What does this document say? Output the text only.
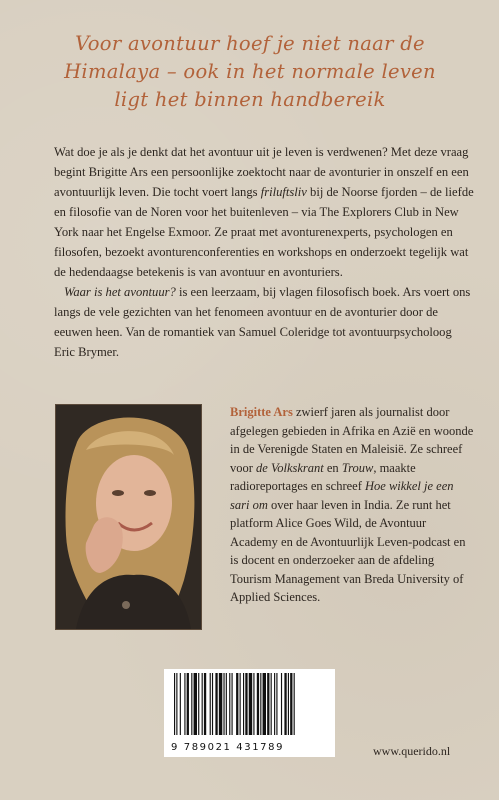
Voor avontuur hoef je niet naar de
Himalaya – ook in het normale leven
ligt het binnen handbereik

Wat doe je als je denkt dat het avontuur uit je leven is verdwenen? Met deze vraag begint Brigitte Ars een persoonlijke zoektocht naar de avonturier in onszelf en een avontuurlijk leven. Die tocht voert langs friluftsliv bij de Noorse fjorden – de liefde en filosofie van de Noren voor het buitenleven – via The Explorers Club in New York naar het Engelse Exmoor. Ze praat met avonturenexperts, psychologen en filosofen, bezoekt avonturenconferenties en workshops en onderzoekt tegelijk wat de hedendaagse betekenis is van avontuur en avonturiers.

Waar is het avontuur? is een leerzaam, bij vlagen filosofisch boek. Ars voert ons langs de vele gezichten van het fenomeen avontuur en de avonturier door de eeuwen heen. Van de romantiek van Samuel Coleridge tot avontuurpsycholoog Eric Brymer.

Brigitte Ars zwierf jaren als journalist door afgelegen gebieden in Afrika en Azië en woonde in de Verenigde Staten en Maleisië. Ze schreef voor de Volkskrant en Trouw, maakte radioreportages en schreef Hoe wikkel je een sari om over haar leven in India. Ze runt het platform Alice Goes Wild, de Avontuur Academy en de Avontuurlijk Leven-podcast en is docent en onderzoeker aan de afdeling Tourism Management van Breda University of Applied Sciences.
9 789021 431789	www.querido.nl
